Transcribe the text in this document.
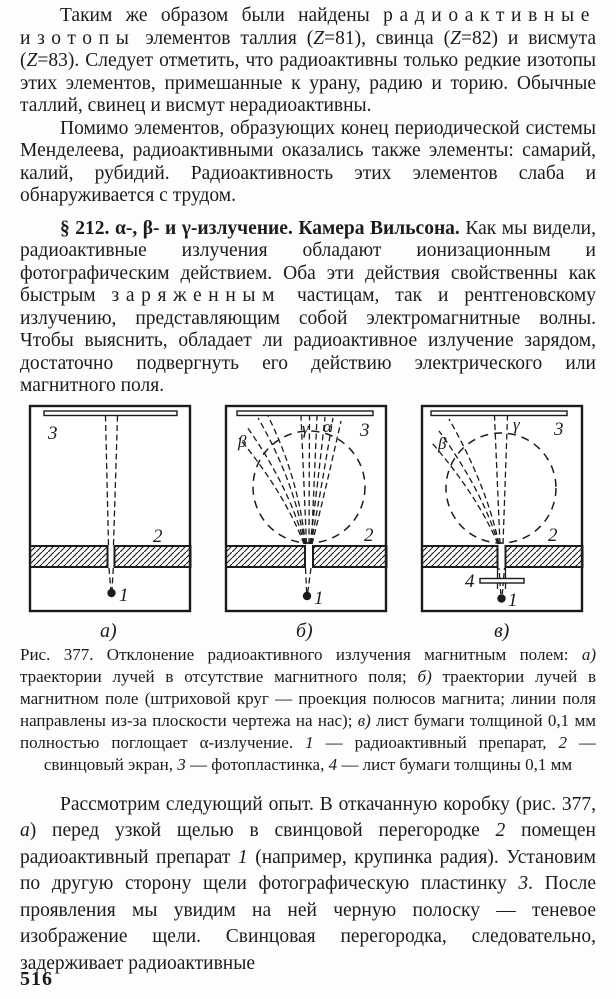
Таким же образом были найдены радиоактивные изотопы элементов таллия (Z=81), свинца (Z=82) и висмута (Z=83). Следует отметить, что радиоактивны только редкие изотопы этих элементов, примешанные к урану, радию и торию. Обычные таллий, свинец и висмут нерадиоактивны.

Помимо элементов, образующих конец периодической системы Менделеева, радиоактивными оказались также элементы: самарий, калий, рубидий. Радиоактивность этих элементов слаба и обнаруживается с трудом.

§ 212. α-, β- и γ-излучение. Камера Вильсона. Как мы видели, радиоактивные излучения обладают ионизационным и фотографическим действием. Оба эти действия свойственны как быстрым заряженным частицам, так и рентгеновскому излучению, представляющим собой электромагнитные волны. Чтобы выяснить, обладает ли радиоактивное излучение зарядом, достаточно подвергнуть его действию электрического или магнитного поля.

3
2
1
а)
β
γ α 3
2
1
б)
β
γ 3
2
4
1
в)

Рис. 377. Отклонение радиоактивного излучения магнитным полем: а) траектории лучей в отсутствие магнитного поля; б) траектории лучей в магнитном поле (штриховой круг — проекция полюсов магнита; линии поля направлены из-за плоскости чертежа на нас); в) лист бумаги толщиной 0,1 мм полностью поглощает α-излучение. 1 — радиоактивный препарат, 2 — свинцовый экран, 3 — фотопластинка, 4 — лист бумаги толщины 0,1 мм

Рассмотрим следующий опыт. В откачанную коробку (рис. 377, а) перед узкой щелью в свинцовой перегородке 2 помещен радиоактивный препарат 1 (например, крупинка радия). Установим по другую сторону щели фотографическую пластинку 3. После проявления мы увидим на ней черную полоску — теневое изображение щели. Свинцовая перегородка, следовательно, задерживает радиоактивные

516
